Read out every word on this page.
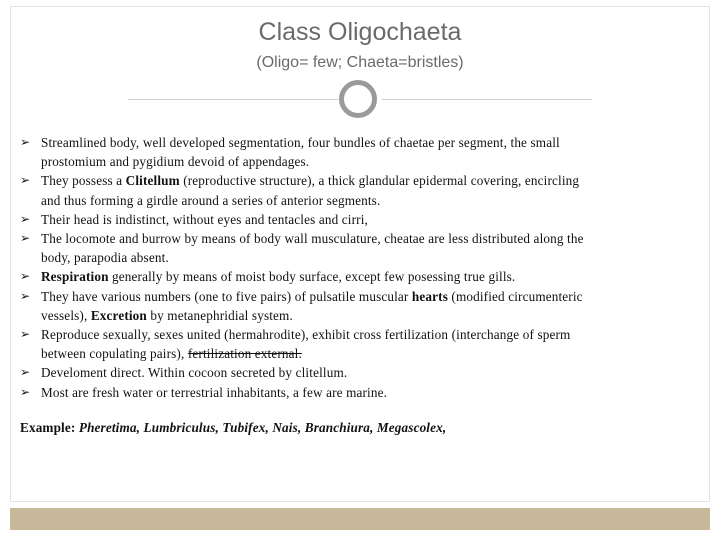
Class Oligochaeta
(Oligo= few; Chaeta=bristles)
➢ Streamlined body, well developed segmentation, four bundles of chaetae per segment, the small
prostomium and pygidium devoid of appendages.
➢ They possess a Clitellum (reproductive structure), a thick glandular epidermal covering, encircling
and thus forming a girdle around a series of anterior segments.
➢ Their head is indistinct, without eyes and tentacles and cirri,
➢ The locomote and burrow by means of body wall musculature, cheatae are less distributed along the
body, parapodia absent.
➢ Respiration generally by means of moist body surface, except few posessing true gills.
➢ They have various numbers (one to five pairs) of pulsatile muscular hearts (modified circumenteric
vessels), Excretion by metanephridial system.
➢ Reproduce sexually, sexes united (hermahrodite), exhibit cross fertilization (interchange of sperm
between copulating pairs), fertilization external.
➢ Develoment direct. Within cocoon secreted by clitellum.
➢ Most are fresh water or terrestrial inhabitants, a few are marine.
Example: Pheretima, Lumbriculus, Tubifex, Nais, Branchiura, Megascolex,
